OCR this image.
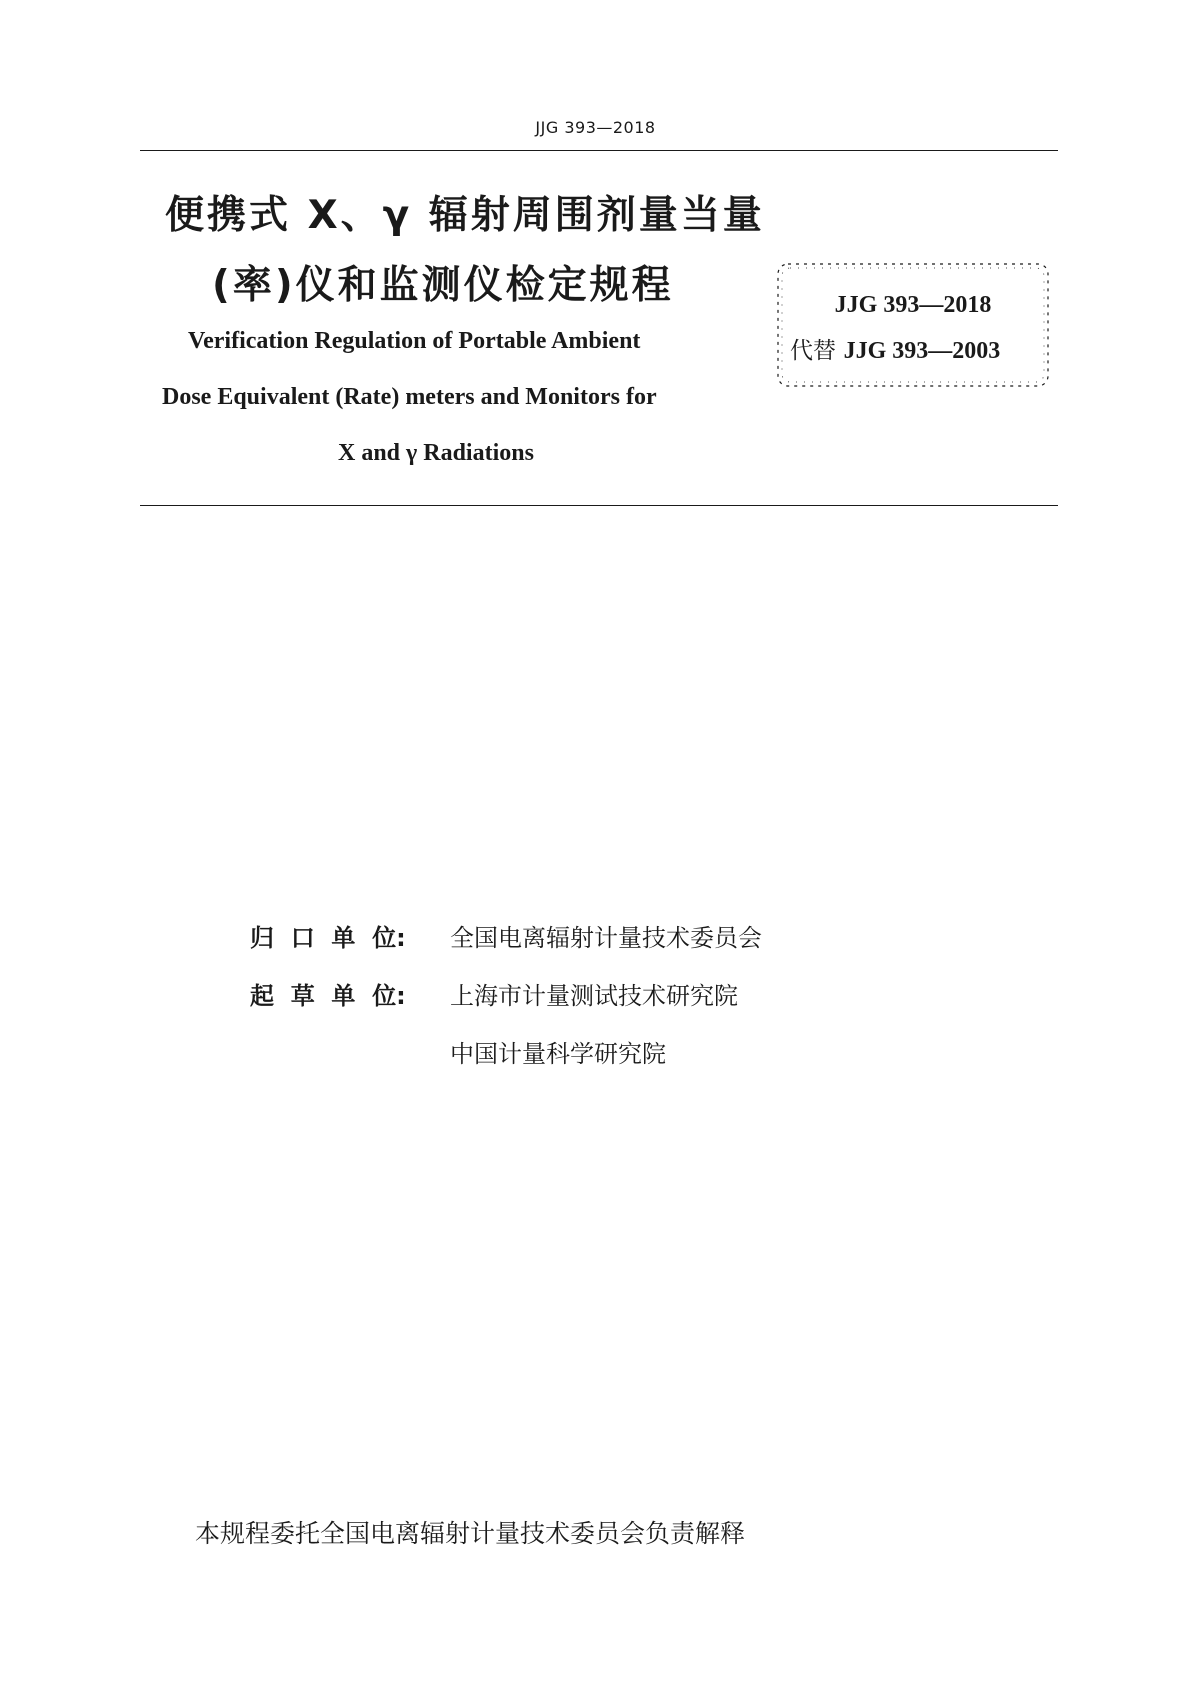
JJG 393—2018
便携式 X、γ 辐射周围剂量当量
(率)仪和监测仪检定规程
Verification Regulation of Portable Ambient
Dose Equivalent (Rate) meters and Monitors for
X and γ Radiations
JJG 393—2018
代替 JJG 393—2003
归  口  单  位:	全国电离辐射计量技术委员会
起  草  单  位:	上海市计量测试技术研究院
中国计量科学研究院
本规程委托全国电离辐射计量技术委员会负责解释
